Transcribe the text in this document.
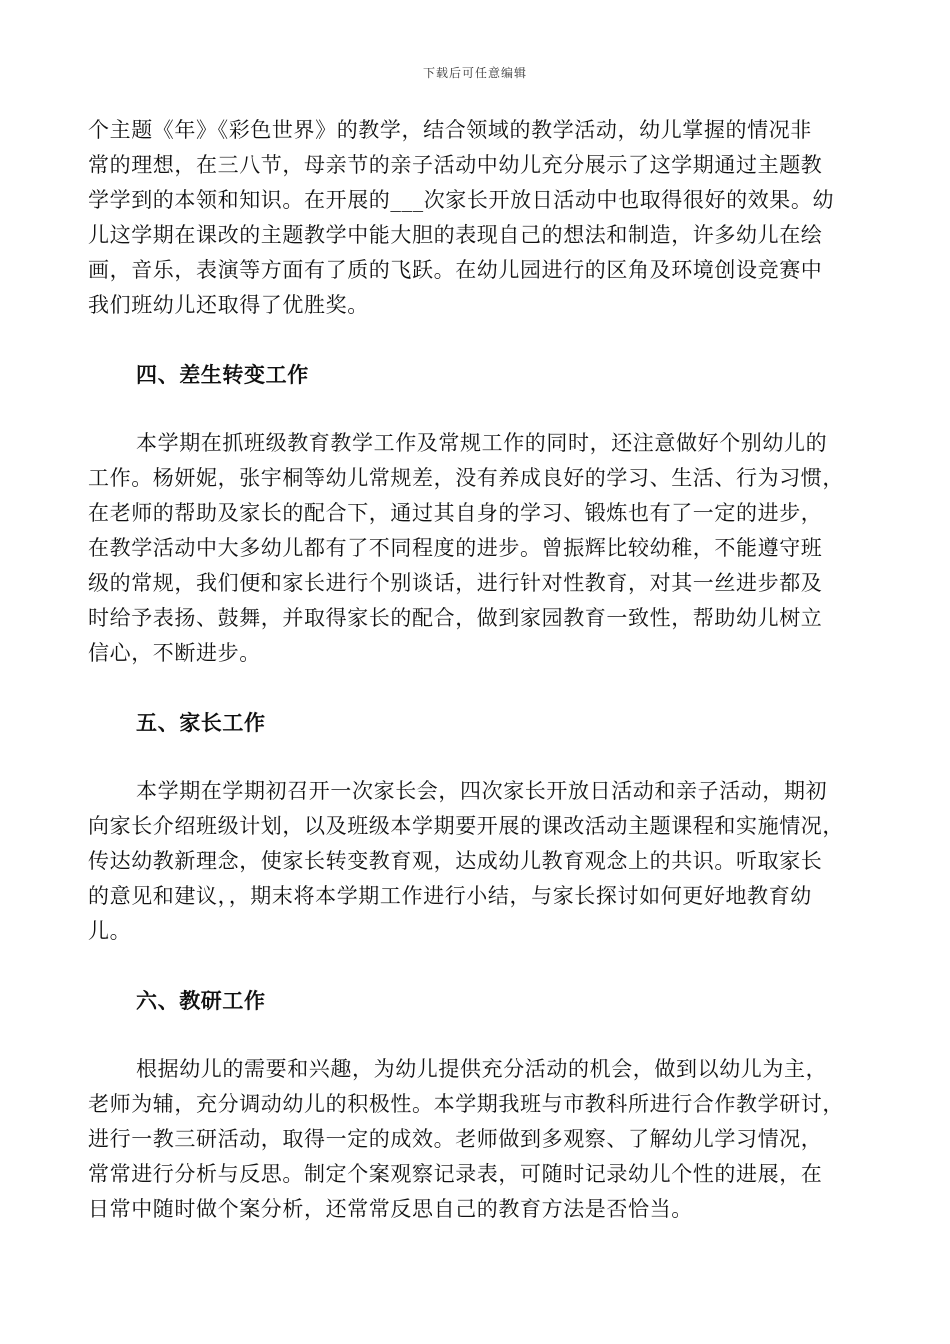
下载后可任意编辑

个主题《年》《彩色世界》的教学，结合领域的教学活动，幼儿掌握的情况非
常的理想，在三八节，母亲节的亲子活动中幼儿充分展示了这学期通过主题教
学学到的本领和知识。在开展的___次家长开放日活动中也取得很好的效果。幼
儿这学期在课改的主题教学中能大胆的表现自己的想法和制造，许多幼儿在绘
画，音乐，表演等方面有了质的飞跃。在幼儿园进行的区角及环境创设竞赛中
我们班幼儿还取得了优胜奖。

四、差生转变工作

本学期在抓班级教育教学工作及常规工作的同时，还注意做好个别幼儿的
工作。杨妍妮，张宇桐等幼儿常规差，没有养成良好的学习、生活、行为习惯，
在老师的帮助及家长的配合下，通过其自身的学习、锻炼也有了一定的进步，
在教学活动中大多幼儿都有了不同程度的进步。曾振辉比较幼稚，不能遵守班
级的常规，我们便和家长进行个别谈话，进行针对性教育，对其一丝进步都及
时给予表扬、鼓舞，并取得家长的配合，做到家园教育一致性，帮助幼儿树立
信心，不断进步。

五、家长工作

本学期在学期初召开一次家长会，四次家长开放日活动和亲子活动，期初
向家长介绍班级计划，以及班级本学期要开展的课改活动主题课程和实施情况，
传达幼教新理念，使家长转变教育观，达成幼儿教育观念上的共识。听取家长
的意见和建议，，期末将本学期工作进行小结，与家长探讨如何更好地教育幼
儿。

六、教研工作

根据幼儿的需要和兴趣，为幼儿提供充分活动的机会，做到以幼儿为主，
老师为辅，充分调动幼儿的积极性。本学期我班与市教科所进行合作教学研讨，
进行一教三研活动，取得一定的成效。老师做到多观察、了解幼儿学习情况，
常常进行分析与反思。制定个案观察记录表，可随时记录幼儿个性的进展，在
日常中随时做个案分析，还常常反思自己的教育方法是否恰当。
